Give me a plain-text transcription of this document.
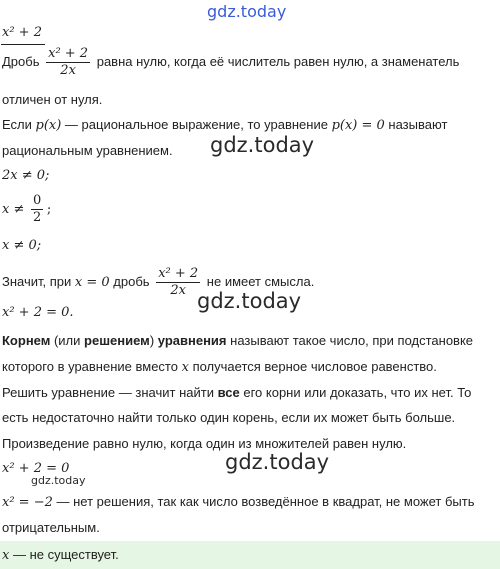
gdz.today
gdz.today
gdz.today
gdz.today
gdz.today
x² + 2
Дробь $\frac{\text{x² + 2}}{2x}$ равна нулю, когда её числитель равен нулю, а знаменатель
отличен от нуля.
Если p(x) — рациональное выражение, то уравнение p(x) = 0 называют
рациональным уравнением.
2x ≠ 0;
$x \ne \frac{0}{2}$ ;
x ≠ 0;
Значит, при x = 0 дробь $\frac{\text{x² + 2}}{2x}$ не имеет смысла.
x² + 2 = 0.
Корнем (или решением) уравнения называют такое число, при подстановке
которого в уравнение вместо x получается верное числовое равенство.
Решить уравнение — значит найти все его корни или доказать, что их нет. То
есть недостаточно найти только один корень, если их может быть больше.
Произведение равно нулю, когда один из множителей равен нулю.
x² + 2 = 0
x² = −2 — нет решения, так как число возведённое в квадрат, не может быть
отрицательным.
x — не существует.
